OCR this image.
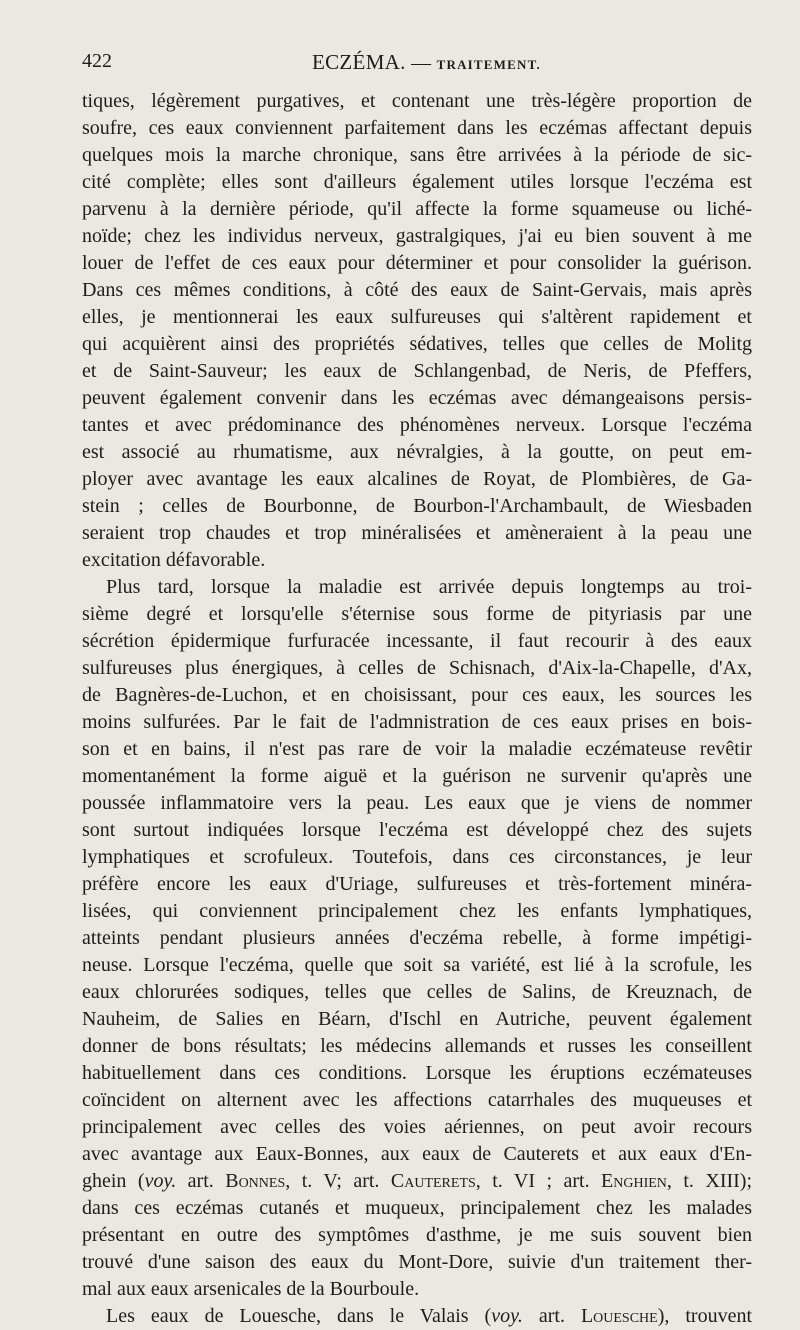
422	ECZÉMA. — TRAITEMENT.
tiques, légèrement purgatives, et contenant une très-légère proportion de
soufre, ces eaux conviennent parfaitement dans les eczémas affectant depuis
quelques mois la marche chronique, sans être arrivées à la période de sic-
cité complète; elles sont d'ailleurs également utiles lorsque l'eczéma est
parvenu à la dernière période, qu'il affecte la forme squameuse ou liché-
noïde; chez les individus nerveux, gastralgiques, j'ai eu bien souvent à me
louer de l'effet de ces eaux pour déterminer et pour consolider la guérison.
Dans ces mêmes conditions, à côté des eaux de Saint-Gervais, mais après
elles, je mentionnerai les eaux sulfureuses qui s'altèrent rapidement et
qui acquièrent ainsi des propriétés sédatives, telles que celles de Molitg
et de Saint-Sauveur; les eaux de Schlangenbad, de Neris, de Pfeffers,
peuvent également convenir dans les eczémas avec démangeaisons persis-
tantes et avec prédominance des phénomènes nerveux. Lorsque l'eczéma
est associé au rhumatisme, aux névralgies, à la goutte, on peut em-
ployer avec avantage les eaux alcalines de Royat, de Plombières, de Ga-
stein ; celles de Bourbonne, de Bourbon-l'Archambault, de Wiesbaden
seraient trop chaudes et trop minéralisées et amèneraient à la peau une
excitation défavorable.
Plus tard, lorsque la maladie est arrivée depuis longtemps au troi-
sième degré et lorsqu'elle s'éternise sous forme de pityriasis par une
sécrétion épidermique furfuracée incessante, il faut recourir à des eaux
sulfureuses plus énergiques, à celles de Schisnach, d'Aix-la-Chapelle, d'Ax,
de Bagnères-de-Luchon, et en choisissant, pour ces eaux, les sources les
moins sulfurées. Par le fait de l'admnistration de ces eaux prises en bois-
son et en bains, il n'est pas rare de voir la maladie eczémateuse revêtir
momentanément la forme aiguë et la guérison ne survenir qu'après une
poussée inflammatoire vers la peau. Les eaux que je viens de nommer
sont surtout indiquées lorsque l'eczéma est développé chez des sujets
lymphatiques et scrofuleux. Toutefois, dans ces circonstances, je leur
préfère encore les eaux d'Uriage, sulfureuses et très-fortement minéra-
lisées, qui conviennent principalement chez les enfants lymphatiques,
atteints pendant plusieurs années d'eczéma rebelle, à forme impétigi-
neuse. Lorsque l'eczéma, quelle que soit sa variété, est lié à la scrofule, les
eaux chlorurées sodiques, telles que celles de Salins, de Kreuznach, de
Nauheim, de Salies en Béarn, d'Ischl en Autriche, peuvent également
donner de bons résultats; les médecins allemands et russes les conseillent
habituellement dans ces conditions. Lorsque les éruptions eczémateuses
coïncident on alternent avec les affections catarrhales des muqueuses et
principalement avec celles des voies aériennes, on peut avoir recours
avec avantage aux Eaux-Bonnes, aux eaux de Cauterets et aux eaux d'En-
ghein (voy. art. Bonnes, t. V; art. Cauterets, t. VI ; art. Enghien, t. XIII);
dans ces eczémas cutanés et muqueux, principalement chez les malades
présentant en outre des symptômes d'asthme, je me suis souvent bien
trouvé d'une saison des eaux du Mont-Dore, suivie d'un traitement ther-
mal aux eaux arsenicales de la Bourboule.
Les eaux de Louesche, dans le Valais (voy. art. Louesche), trouvent
